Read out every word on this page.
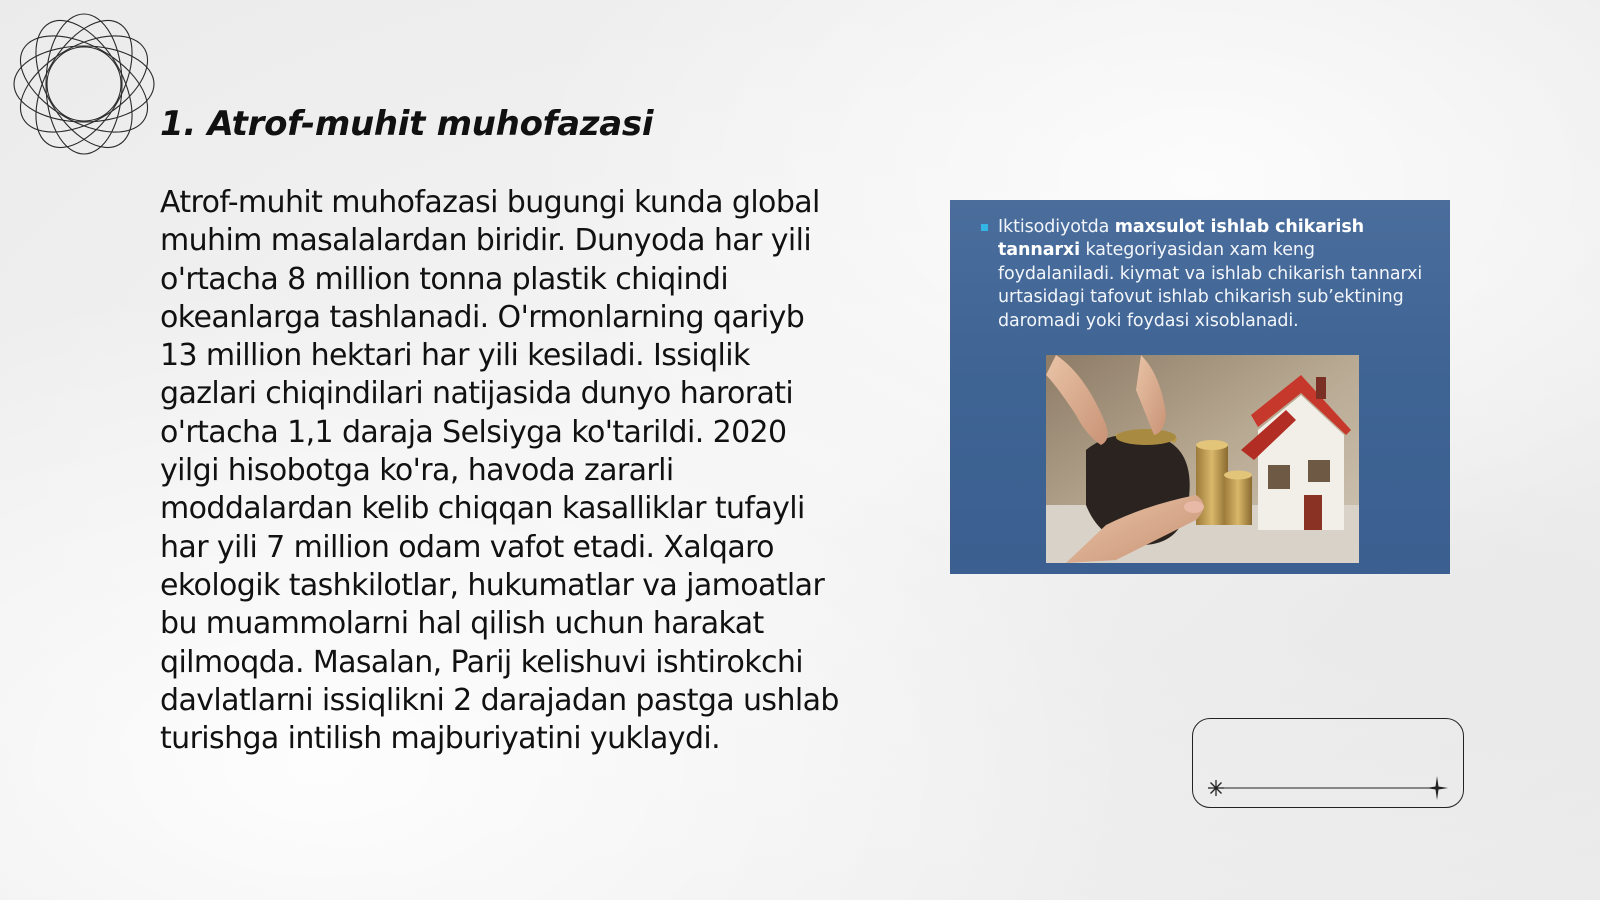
1. Atrof-muhit muhofazasi

Atrof-muhit muhofazasi bugungi kunda global muhim masalalardan biridir. Dunyoda har yili o'rtacha 8 million tonna plastik chiqindi okeanlarga tashlanadi. O'rmonlarning qariyb 13 million hektari har yili kesiladi. Issiqlik gazlari chiqindilari natijasida dunyo harorati o'rtacha 1,1 daraja Selsiyga ko'tarildi. 2020 yilgi hisobotga ko'ra, havoda zararli moddalardan kelib chiqqan kasalliklar tufayli har yili 7 million odam vafot etadi. Xalqaro ekologik tashkilotlar, hukumatlar va jamoatlar bu muammolarni hal qilish uchun harakat qilmoqda. Masalan, Parij kelishuvi ishtirokchi davlatlarni issiqlikni 2 darajadan pastga ushlab turishga intilish majburiyatini yuklaydi.

Iktisodiyotda maxsulot ishlab chikarish tannarxi kategoriyasidan xam keng foydalaniladi. kiymat va ishlab chikarish tannarxi urtasidagi tafovut ishlab chikarish sub’ektining daromadi yoki foydasi xisoblanadi.
